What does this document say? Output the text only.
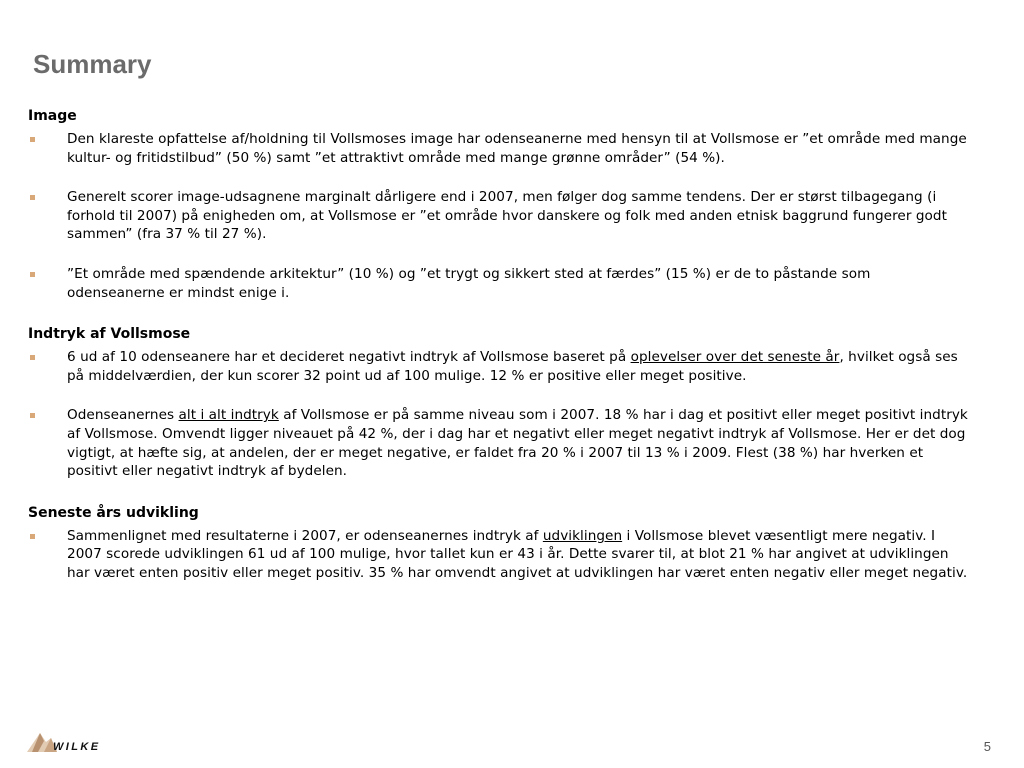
Summary
Image
Den klareste opfattelse af/holdning til Vollsmoses image har odenseanerne med hensyn til at Vollsmose er ”et område med mange kultur- og fritidstilbud” (50 %) samt ”et attraktivt område med mange grønne områder” (54 %).
Generelt scorer image-udsagnene marginalt dårligere end i 2007, men følger dog samme tendens. Der er størst tilbagegang (i forhold til 2007) på enigheden om, at Vollsmose er ”et område hvor danskere og folk med anden etnisk baggrund fungerer godt sammen” (fra 37 % til 27 %).
”Et område med spændende arkitektur” (10 %) og ”et trygt og sikkert sted at færdes” (15 %) er de to påstande som odenseanerne er mindst enige i.
Indtryk af Vollsmose
6 ud af 10 odenseanere har et decideret negativt indtryk af Vollsmose baseret på oplevelser over det seneste år, hvilket også ses på middelværdien, der kun scorer 32 point ud af 100 mulige. 12 % er positive eller meget positive.
Odenseanernes alt i alt indtryk af Vollsmose er på samme niveau som i 2007. 18 % har i dag et positivt eller meget positivt indtryk af Vollsmose. Omvendt ligger niveauet på 42 %, der i dag har et negativt eller meget negativt indtryk af Vollsmose. Her er det dog vigtigt, at hæfte sig, at andelen, der er meget negative, er faldet fra 20 % i 2007 til 13 % i 2009. Flest (38 %) har hverken et positivt eller negativt indtryk af bydelen.
Seneste års udvikling
Sammenlignet med resultaterne i 2007, er odenseanernes indtryk af udviklingen i Vollsmose blevet væsentligt mere negativ. I 2007 scorede udviklingen 61 ud af 100 mulige, hvor tallet kun er 43 i år. Dette svarer til, at blot 21 % har angivet at udviklingen har været enten positiv eller meget positiv. 35 % har omvendt angivet at udviklingen har været enten negativ eller meget negativ.
WILKE	5
